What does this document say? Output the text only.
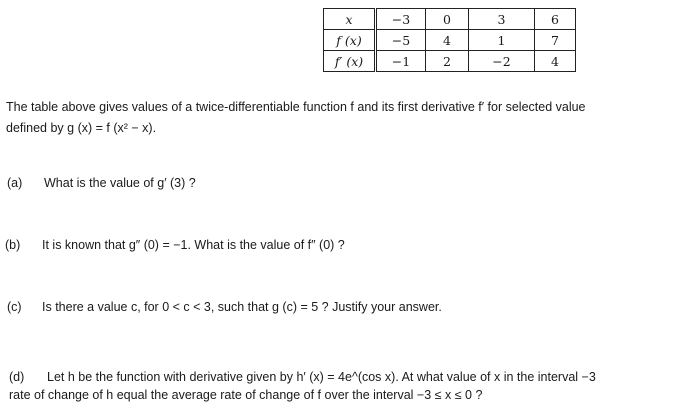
x	−3	0	3	6
f (x)	−5	4	1	7
f′ (x)	−1	2	−2	4
The table above gives values of a twice-differentiable function f and its first derivative f′ for selected value
defined by g (x) = f (x² − x).
(a) What is the value of g′ (3) ?
(b) It is known that g″ (0) = −1. What is the value of f″ (0) ?
(c) Is there a value c, for 0 < c < 3, such that g (c) = 5 ? Justify your answer.
(d) Let h be the function with derivative given by h′ (x) = 4e^(cos x). At what value of x in the interval −3
rate of change of h equal the average rate of change of f over the interval −3 ≤ x ≤ 0 ?
